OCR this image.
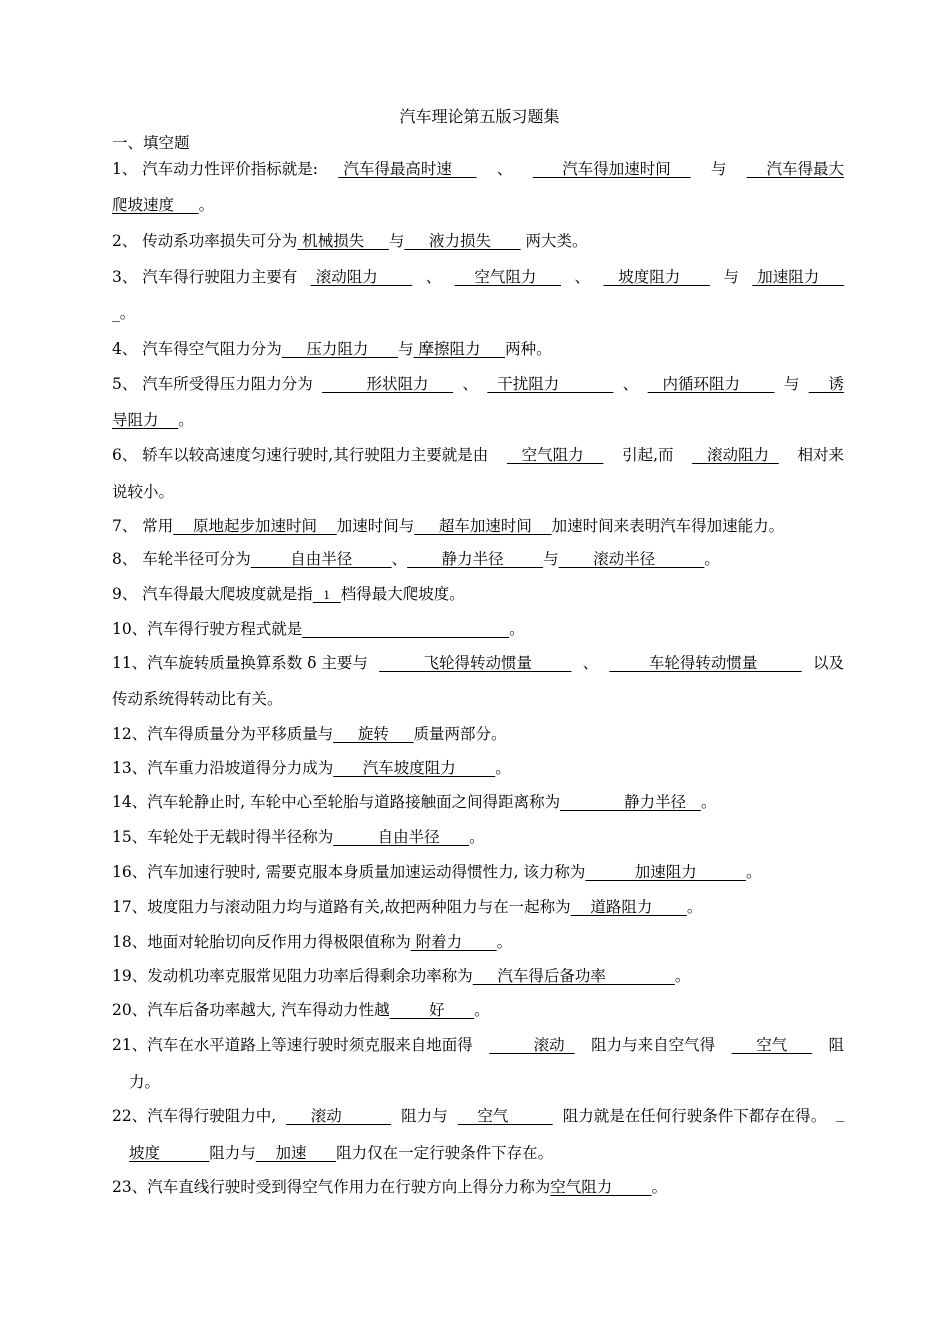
汽车理论第五版习题集
一、填空题
1、 汽车动力性评价指标就是: 汽车得最高时速 、 汽车得加速时间 与 汽车得最大
爬坡速度     。
2、 传动系功率损失可分为 机械损失     与     液力损失       两大类。
3、 汽车得行驶阻力主要有 滚动阻力 、 空气阻力 、 坡度阻力 与 加速阻力
_。
4、 汽车得空气阻力分为     压力阻力      与 摩擦阻力     两种。
5、 汽车所受得压力阻力分为 形状阻力 、 干扰阻力 、 内循环阻力 与 诱
导阻力    。
6、 轿车以较高速度匀速行驶时,其行驶阻力主要就是由 空气阻力 引起,而 滚动阻力 相对来
说较小。
7、 常用    原地起步加速时间    加速时间与     超车加速时间    加速时间来表明汽车得加速能力。
8、 车轮半径可分为        自由半径        、       静力半径        与       滚动半径          。
9、 汽车得最大爬坡度就是指   1   档得最大爬坡度。
10、汽车得行驶方程式就是	。
11、汽车旋转质量换算系数 δ 主要与 飞轮得转动惯量 、 车轮得转动惯量 以及
传动系统得转动比有关。
12、汽车得质量分为平移质量与     旋转     质量两部分。
13、汽车重力沿坡道得分力成为      汽车坡度阻力        。
14、汽车轮静止时, 车轮中心至轮胎与道路接触面之间得距离称为             静力半径   。
15、车轮处于无载时得半径称为         自由半径      。
16、汽车加速行驶时, 需要克服本身质量加速运动得惯性力, 该力称为          加速阻力          。
17、坡度阻力与滚动阻力均与道路有关,故把两种阻力与在一起称为    道路阻力       。
18、地面对轮胎切向反作用力得极限值称为 附着力       。
19、发动机功率克服常见阻力功率后得剩余功率称为     汽车得后备功率              。
20、汽车后备功率越大, 汽车得动力性越        好      。
21、汽车在水平道路上等速行驶时须克服来自地面得 滚动 阻力与来自空气得 空气 阻
力。
22、汽车得行驶阻力中, 滚动 阻力与 空气 阻力就是在任何行驶条件下都存在得。 _
坡度          阻力与    加速      阻力仅在一定行驶条件下存在。
23、汽车直线行驶时受到得空气作用力在行驶方向上得分力称为空气阻力        。
